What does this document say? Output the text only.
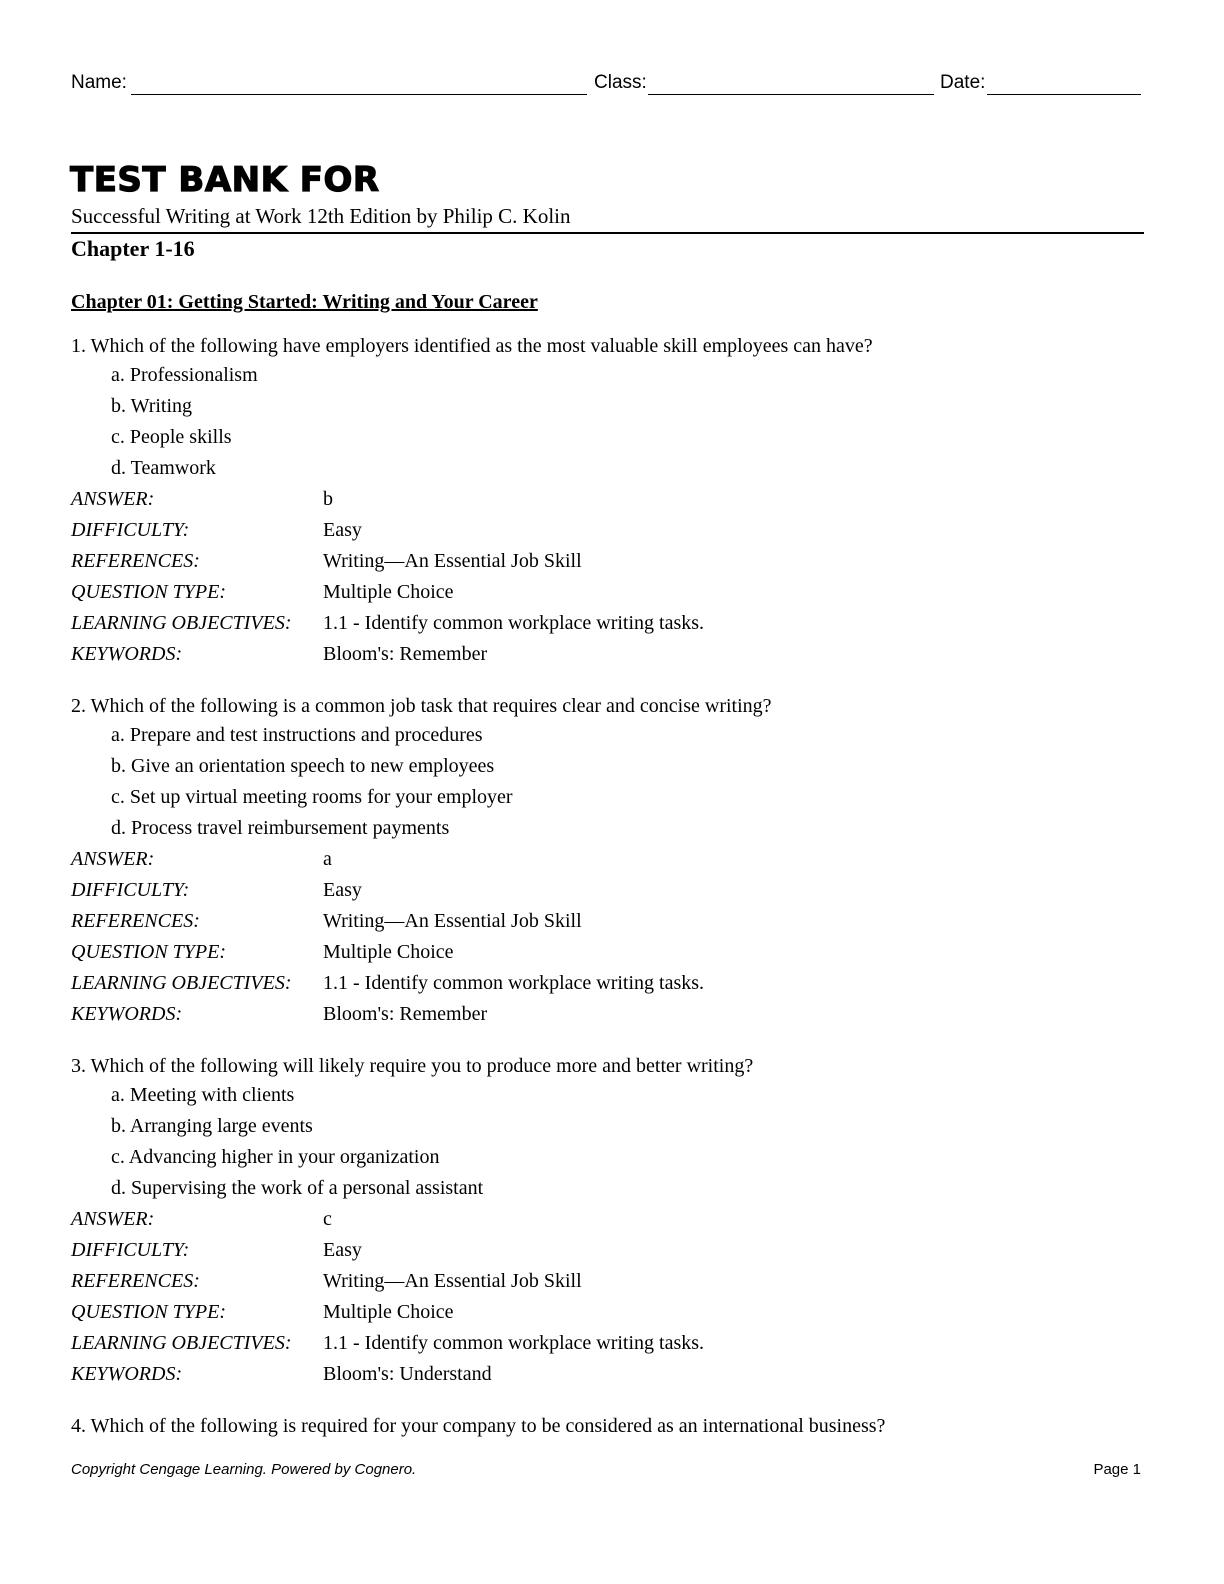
Name:	Class:	Date:
TEST BANK FOR
Successful Writing at Work 12th Edition by Philip C. Kolin
Chapter 1-16
Chapter 01: Getting Started: Writing and Your Career
1. Which of the following have employers identified as the most valuable skill employees can have?
a. Professionalism
b. Writing
c. People skills
d. Teamwork
ANSWER:	b
DIFFICULTY:	Easy
REFERENCES:	Writing—An Essential Job Skill
QUESTION TYPE:	Multiple Choice
LEARNING OBJECTIVES:	1.1 - Identify common workplace writing tasks.
KEYWORDS:	Bloom's: Remember
2. Which of the following is a common job task that requires clear and concise writing?
a. Prepare and test instructions and procedures
b. Give an orientation speech to new employees
c. Set up virtual meeting rooms for your employer
d. Process travel reimbursement payments
ANSWER:	a
DIFFICULTY:	Easy
REFERENCES:	Writing—An Essential Job Skill
QUESTION TYPE:	Multiple Choice
LEARNING OBJECTIVES:	1.1 - Identify common workplace writing tasks.
KEYWORDS:	Bloom's: Remember
3. Which of the following will likely require you to produce more and better writing?
a. Meeting with clients
b. Arranging large events
c. Advancing higher in your organization
d. Supervising the work of a personal assistant
ANSWER:	c
DIFFICULTY:	Easy
REFERENCES:	Writing—An Essential Job Skill
QUESTION TYPE:	Multiple Choice
LEARNING OBJECTIVES:	1.1 - Identify common workplace writing tasks.
KEYWORDS:	Bloom's: Understand
4. Which of the following is required for your company to be considered as an international business?
Copyright Cengage Learning. Powered by Cognero.	Page 1
